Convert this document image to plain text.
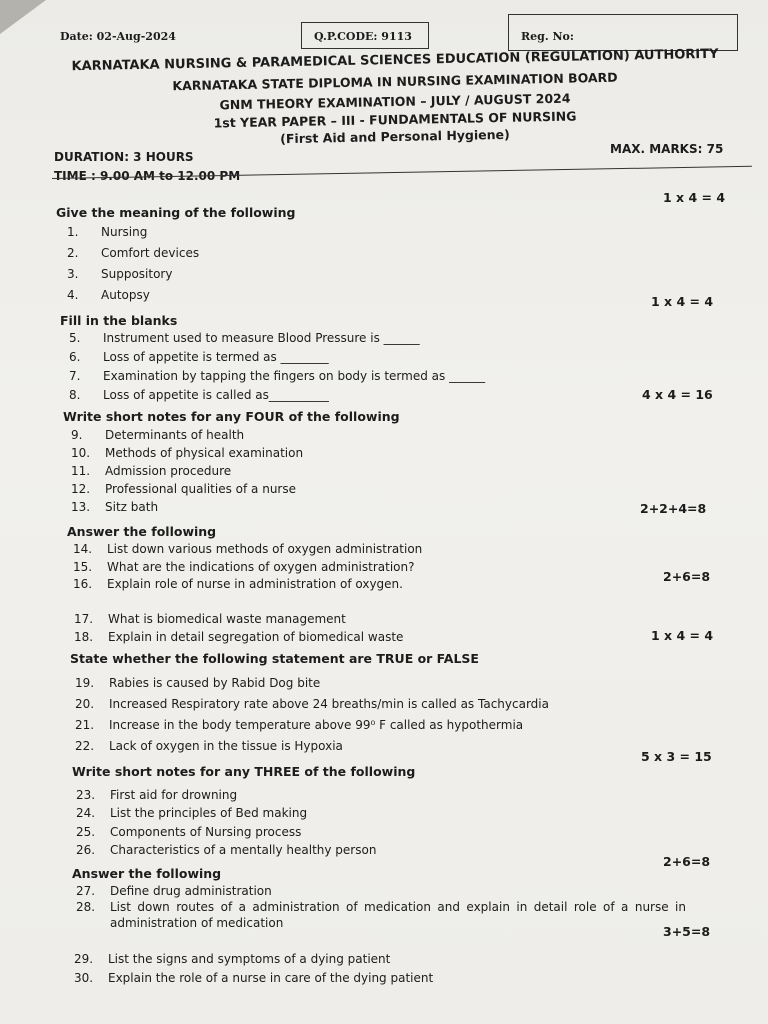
Date: 02-Aug-2024	Q.P.CODE: 9113	Reg. No:
KARNATAKA NURSING & PARAMEDICAL SCIENCES EDUCATION (REGULATION) AUTHORITY
KARNATAKA STATE DIPLOMA IN NURSING EXAMINATION BOARD
GNM THEORY EXAMINATION – JULY / AUGUST 2024
1st YEAR PAPER – III - FUNDAMENTALS OF NURSING
(First Aid and Personal Hygiene)
DURATION: 3 HOURS
TIME : 9.00 AM to 12.00 PM
MAX. MARKS: 75
1 x 4 = 4
Give the meaning of the following
1. Nursing
2. Comfort devices
3. Suppository
4. Autopsy	1 x 4 = 4
Fill in the blanks
5. Instrument used to measure Blood Pressure is ______
6. Loss of appetite is termed as ________
7. Examination by tapping the fingers on body is termed as ______
8. Loss of appetite is called as__________	4 x 4 = 16
Write short notes for any FOUR of the following
9. Determinants of health
10. Methods of physical examination
11. Admission procedure
12. Professional qualities of a nurse
13. Sitz bath	2+2+4=8
Answer the following
14. List down various methods of oxygen administration
15. What are the indications of oxygen administration?
16. Explain role of nurse in administration of oxygen.	2+6=8
17. What is biomedical waste management
18. Explain in detail segregation of biomedical waste	1 x 4 = 4
State whether the following statement are TRUE or FALSE
19. Rabies is caused by Rabid Dog bite
20. Increased Respiratory rate above 24 breaths/min is called as Tachycardia
21. Increase in the body temperature above 99⁰ F called as hypothermia
22. Lack of oxygen in the tissue is Hypoxia
5 x 3 = 15
Write short notes for any THREE of the following
23. First aid for drowning
24. List the principles of Bed making
25. Components of Nursing process
26. Characteristics of a mentally healthy person
2+6=8
Answer the following
27. Define drug administration
28.	List down routes of a administration of medication and explain in detail role of a nurse in administration of medication
3+5=8
29. List the signs and symptoms of a dying patient
30. Explain the role of a nurse in care of the dying patient
